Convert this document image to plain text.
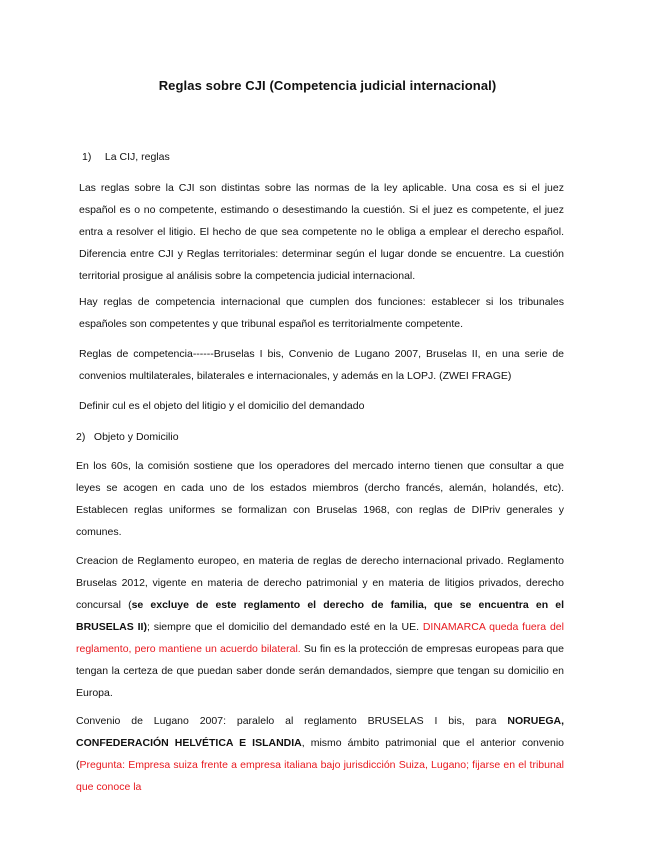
Reglas sobre CJI (Competencia judicial internacional)
1) La CIJ, reglas

Las reglas sobre la CJI son distintas sobre las normas de la ley aplicable. Una cosa es si el juez español es o no competente, estimando o desestimando la cuestión. Si el juez es competente, el juez entra a resolver el litigio. El hecho de que sea competente no le obliga a emplear el derecho español. Diferencia entre CJI y Reglas territoriales: determinar según el lugar donde se encuentre. La cuestión territorial prosigue al análisis sobre la competencia judicial internacional.

Hay reglas de competencia internacional que cumplen dos funciones: establecer si los tribunales españoles son competentes y que tribunal español es territorialmente competente.

Reglas de competencia------Bruselas I bis, Convenio de Lugano 2007, Bruselas II, en una serie de convenios multilaterales, bilaterales e internacionales, y además en la LOPJ. (ZWEI FRAGE)

Definir cul es el objeto del litigio y el domicilio del demandado

2) Objeto y Domicilio

En los 60s, la comisión sostiene que los operadores del mercado interno tienen que consultar a que leyes se acogen en cada uno de los estados miembros (dercho francés, alemán, holandés, etc). Establecen reglas uniformes se formalizan con Bruselas 1968, con reglas de DIPriv generales y comunes.

Creacion de Reglamento europeo, en materia de reglas de derecho internacional privado. Reglamento Bruselas 2012, vigente en materia de derecho patrimonial y en materia de litigios privados, derecho concursal (se excluye de este reglamento el derecho de familia, que se encuentra en el BRUSELAS II); siempre que el domicilio del demandado esté en la UE. DINAMARCA queda fuera del reglamento, pero mantiene un acuerdo bilateral. Su fin es la protección de empresas europeas para que tengan la certeza de que puedan saber donde serán demandados, siempre que tengan su domicilio en Europa.

Convenio de Lugano 2007: paralelo al reglamento BRUSELAS I bis, para NORUEGA, CONFEDERACIÓN HELVÉTICA E ISLANDIA, mismo ámbito patrimonial que el anterior convenio (Pregunta: Empresa suiza frente a empresa italiana bajo jurisdicción Suiza, Lugano; fijarse en el tribunal que conoce la
